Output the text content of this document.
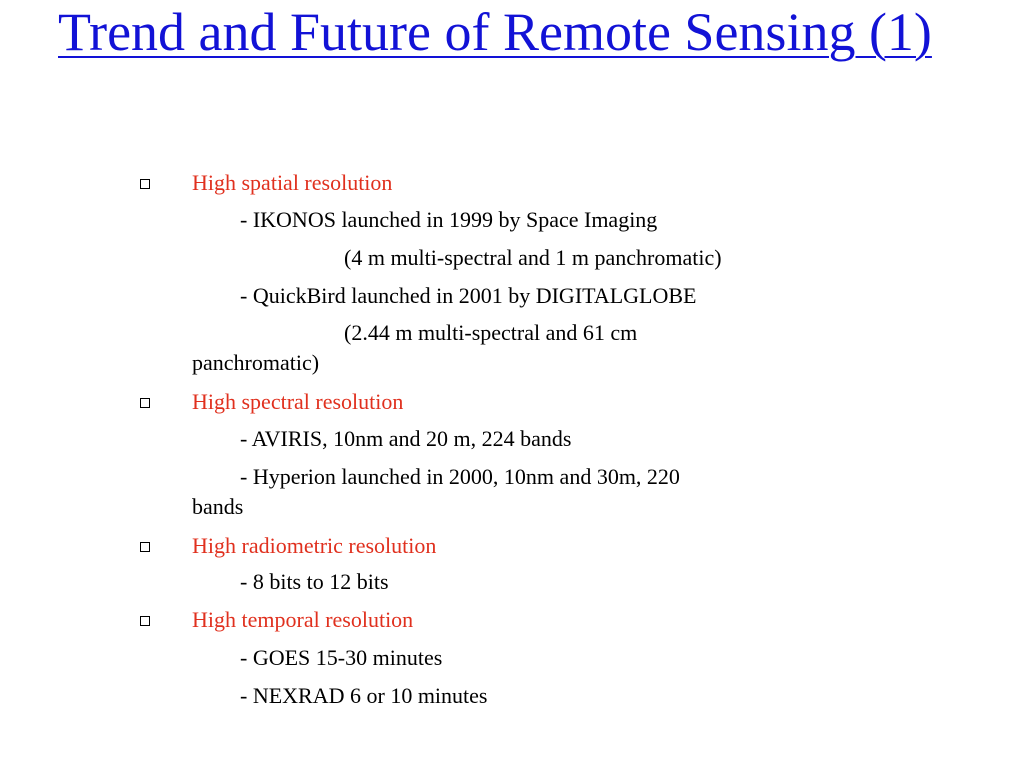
Trend and Future of Remote Sensing (1)
High spatial resolution
- IKONOS launched in 1999 by Space Imaging
(4 m multi-spectral and 1 m panchromatic)
- QuickBird launched in 2001 by DIGITALGLOBE
(2.44 m multi-spectral and 61 cm
panchromatic)
High spectral resolution
- AVIRIS, 10nm and 20 m, 224 bands
- Hyperion launched in 2000, 10nm and 30m, 220
bands
High radiometric resolution
- 8 bits to 12 bits
High temporal resolution
- GOES 15-30 minutes
- NEXRAD 6 or 10 minutes
